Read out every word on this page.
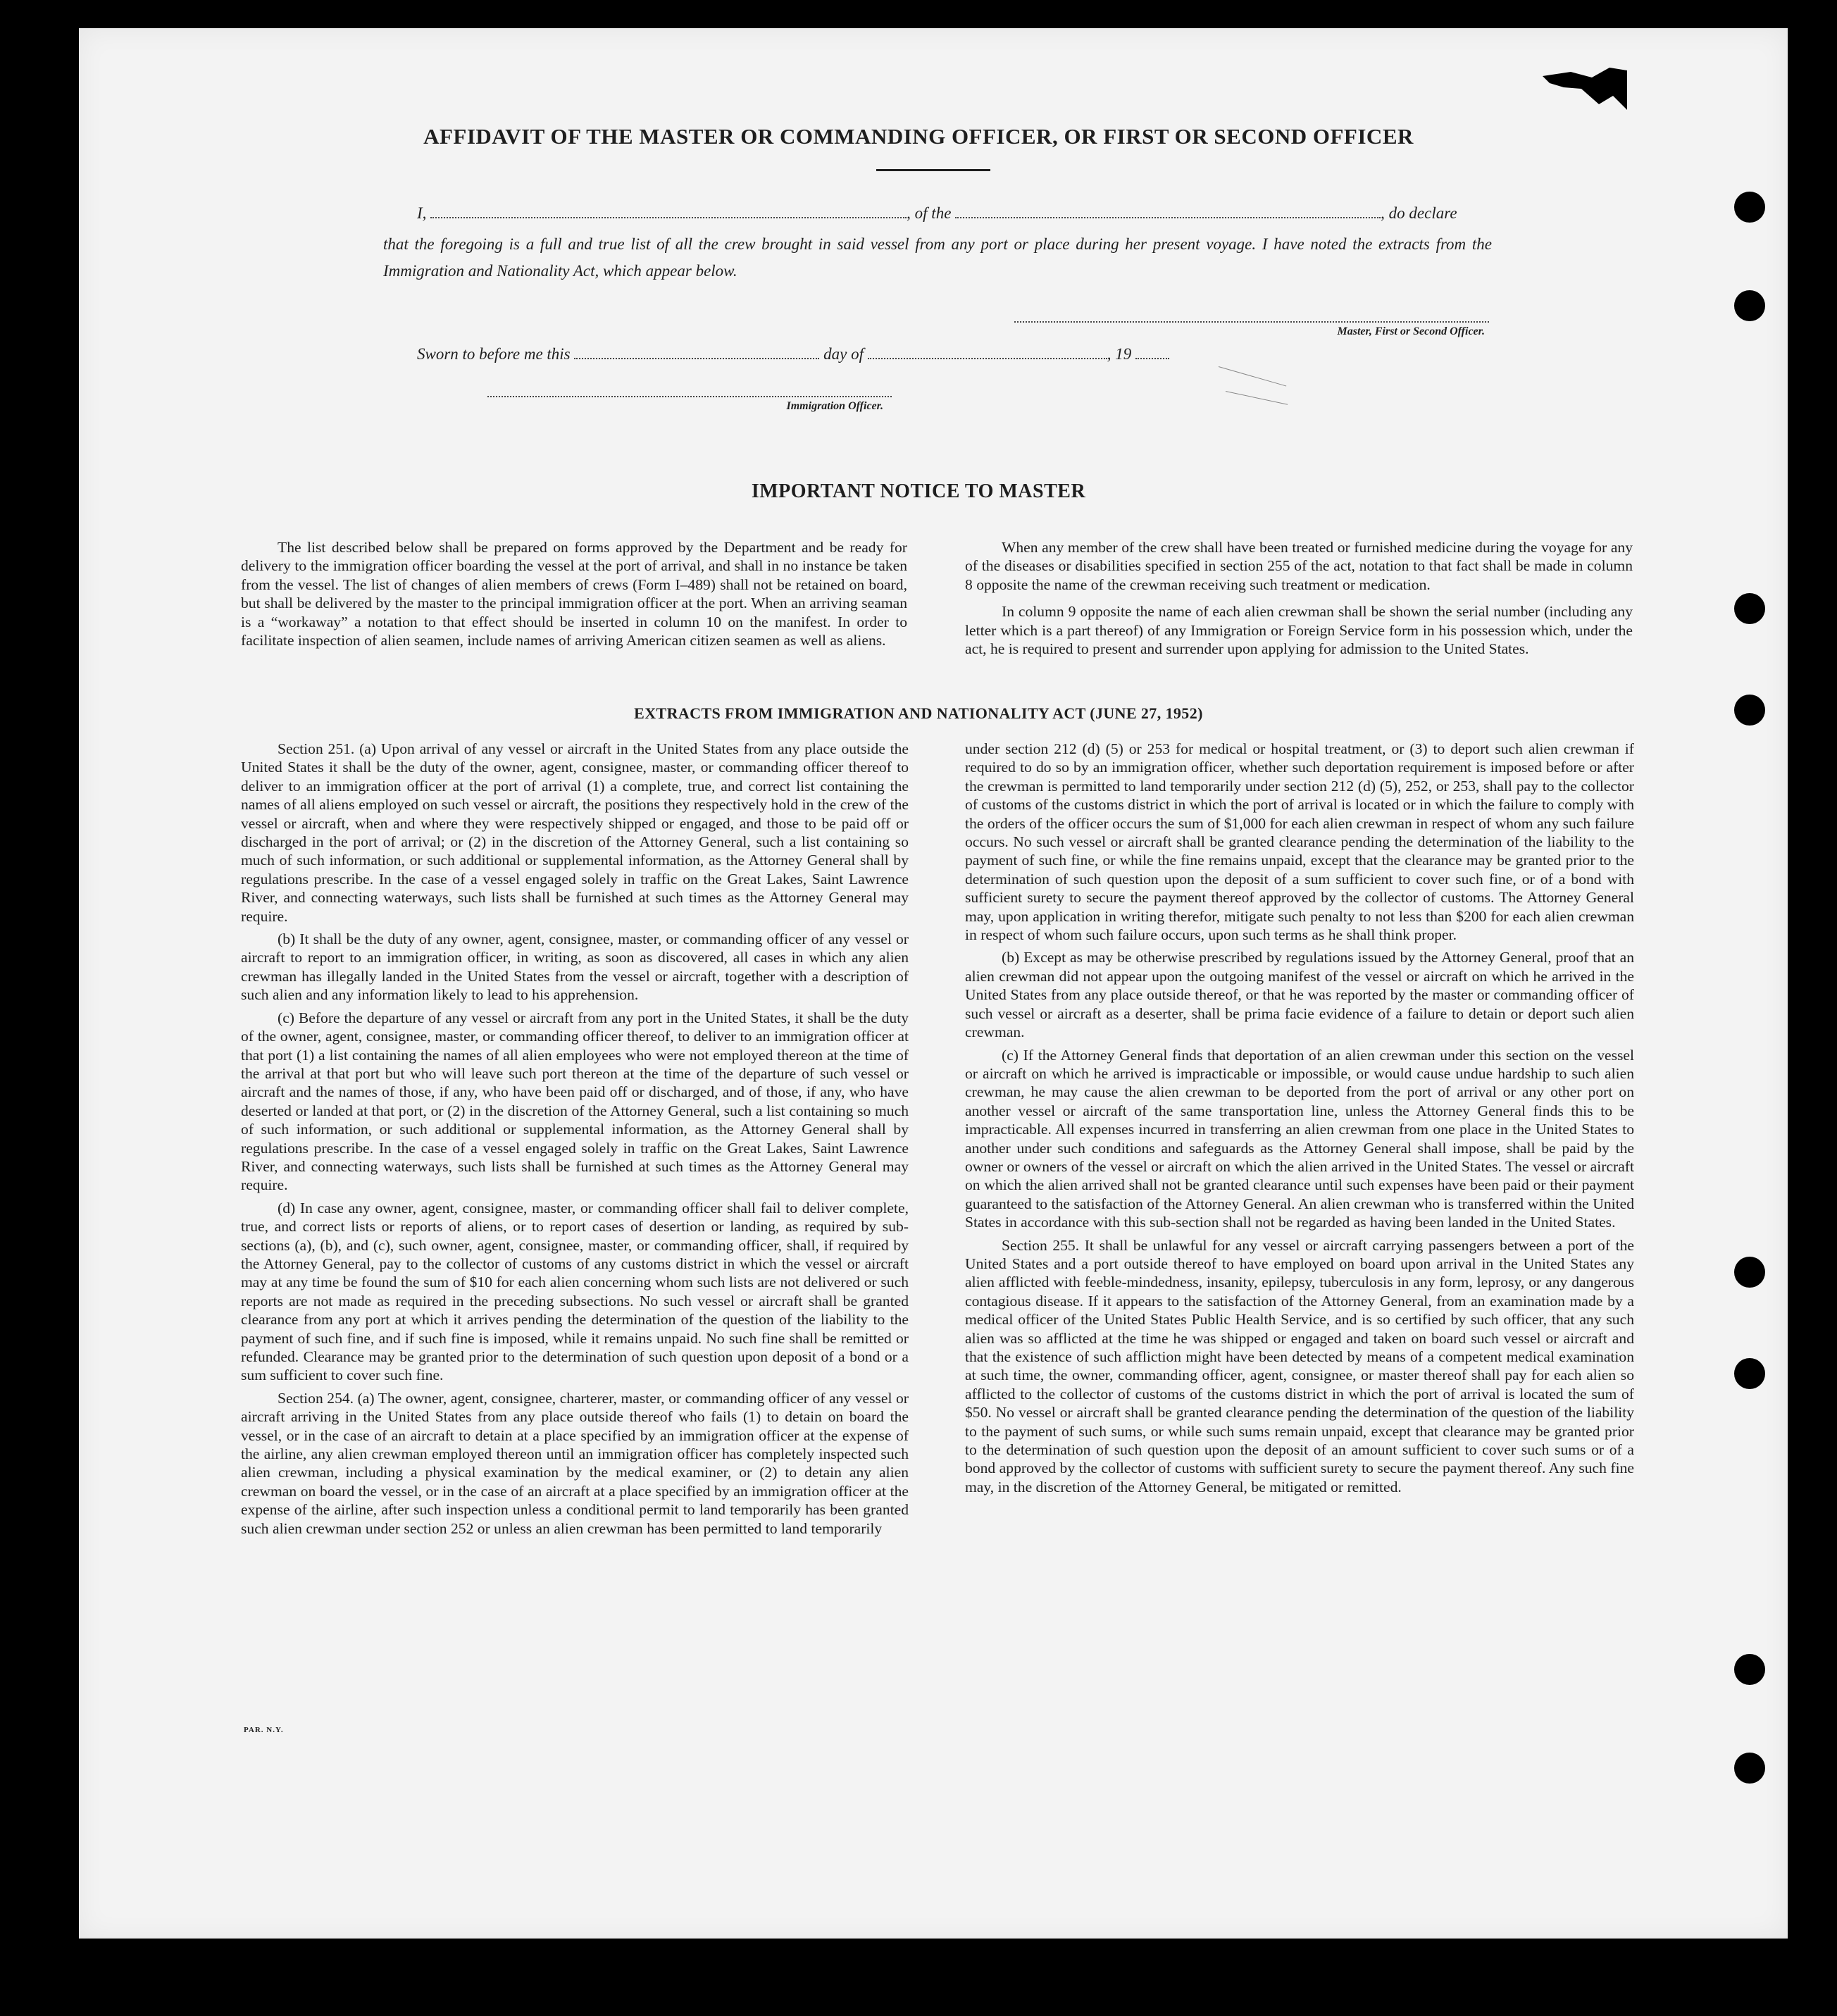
AFFIDAVIT OF THE MASTER OR COMMANDING OFFICER, OR FIRST OR SECOND OFFICER
I,	, of the	, do declare
that the foregoing is a full and true list of all the crew brought in said vessel from any port or place during her present voyage. I have noted the extracts from the Immigration and Nationality Act, which appear below.
Master, First or Second Officer.
Sworn to before me this	day of	, 19
Immigration Officer.
IMPORTANT NOTICE TO MASTER

The list described below shall be prepared on forms approved by the Department and be ready for delivery to the immigration officer boarding the vessel at the port of arrival, and shall in no instance be taken from the vessel. The list of changes of alien members of crews (Form I–489) shall not be retained on board, but shall be delivered by the master to the principal immigration officer at the port. When an arriving seaman is a “workaway” a notation to that effect should be inserted in column 10 on the manifest. In order to facilitate inspection of alien seamen, include names of arriving American citizen seamen as well as aliens.

When any member of the crew shall have been treated or furnished medicine during the voyage for any of the diseases or disabilities specified in section 255 of the act, notation to that fact shall be made in column 8 opposite the name of the crewman receiving such treatment or medication.

In column 9 opposite the name of each alien crewman shall be shown the serial number (including any letter which is a part thereof) of any Immigration or Foreign Service form in his possession which, under the act, he is required to present and surrender upon applying for admission to the United States.

EXTRACTS FROM IMMIGRATION AND NATIONALITY ACT (JUNE 27, 1952)

Section 251. (a) Upon arrival of any vessel or aircraft in the United States from any place outside the United States it shall be the duty of the owner, agent, consignee, master, or commanding officer thereof to deliver to an immigration officer at the port of arrival (1) a complete, true, and correct list containing the names of all aliens employed on such vessel or aircraft, the positions they respectively hold in the crew of the vessel or aircraft, when and where they were respectively shipped or engaged, and those to be paid off or discharged in the port of arrival; or (2) in the discretion of the Attorney General, such a list containing so much of such information, or such additional or supplemental information, as the Attorney General shall by regulations prescribe. In the case of a vessel engaged solely in traffic on the Great Lakes, Saint Lawrence River, and connecting waterways, such lists shall be furnished at such times as the Attorney General may require.

(b) It shall be the duty of any owner, agent, consignee, master, or commanding officer of any vessel or aircraft to report to an immigration officer, in writing, as soon as discovered, all cases in which any alien crewman has illegally landed in the United States from the vessel or aircraft, together with a description of such alien and any information likely to lead to his apprehension.

(c) Before the departure of any vessel or aircraft from any port in the United States, it shall be the duty of the owner, agent, consignee, master, or commanding officer thereof, to deliver to an immigration officer at that port (1) a list containing the names of all alien employees who were not employed thereon at the time of the arrival at that port but who will leave such port thereon at the time of the departure of such vessel or aircraft and the names of those, if any, who have been paid off or discharged, and of those, if any, who have deserted or landed at that port, or (2) in the discretion of the Attorney General, such a list containing so much of such information, or such additional or supplemental information, as the Attorney General shall by regulations prescribe. In the case of a vessel engaged solely in traffic on the Great Lakes, Saint Lawrence River, and connecting waterways, such lists shall be furnished at such times as the Attorney General may require.

(d) In case any owner, agent, consignee, master, or commanding officer shall fail to deliver complete, true, and correct lists or reports of aliens, or to report cases of desertion or landing, as required by sub-sections (a), (b), and (c), such owner, agent, consignee, master, or commanding officer, shall, if required by the Attorney General, pay to the collector of customs of any customs district in which the vessel or aircraft may at any time be found the sum of $10 for each alien concerning whom such lists are not delivered or such reports are not made as required in the preceding subsections. No such vessel or aircraft shall be granted clearance from any port at which it arrives pending the determination of the question of the liability to the payment of such fine, and if such fine is imposed, while it remains unpaid. No such fine shall be remitted or refunded. Clearance may be granted prior to the determination of such question upon deposit of a bond or a sum sufficient to cover such fine.

Section 254. (a) The owner, agent, consignee, charterer, master, or commanding officer of any vessel or aircraft arriving in the United States from any place outside thereof who fails (1) to detain on board the vessel, or in the case of an aircraft to detain at a place specified by an immigration officer at the expense of the airline, any alien crewman employed thereon until an immigration officer has completely inspected such alien crewman, including a physical examination by the medical examiner, or (2) to detain any alien crewman on board the vessel, or in the case of an aircraft at a place specified by an immigration officer at the expense of the airline, after such inspection unless a conditional permit to land temporarily has been granted such alien crewman under section 252 or unless an alien crewman has been permitted to land temporarily

under section 212 (d) (5) or 253 for medical or hospital treatment, or (3) to deport such alien crewman if required to do so by an immigration officer, whether such deportation requirement is imposed before or after the crewman is permitted to land temporarily under section 212 (d) (5), 252, or 253, shall pay to the collector of customs of the customs district in which the port of arrival is located or in which the failure to comply with the orders of the officer occurs the sum of $1,000 for each alien crewman in respect of whom any such failure occurs. No such vessel or aircraft shall be granted clearance pending the determination of the liability to the payment of such fine, or while the fine remains unpaid, except that the clearance may be granted prior to the determination of such question upon the deposit of a sum sufficient to cover such fine, or of a bond with sufficient surety to secure the payment thereof approved by the collector of customs. The Attorney General may, upon application in writing therefor, mitigate such penalty to not less than $200 for each alien crewman in respect of whom such failure occurs, upon such terms as he shall think proper.

(b) Except as may be otherwise prescribed by regulations issued by the Attorney General, proof that an alien crewman did not appear upon the outgoing manifest of the vessel or aircraft on which he arrived in the United States from any place outside thereof, or that he was reported by the master or commanding officer of such vessel or aircraft as a deserter, shall be prima facie evidence of a failure to detain or deport such alien crewman.

(c) If the Attorney General finds that deportation of an alien crewman under this section on the vessel or aircraft on which he arrived is impracticable or impossible, or would cause undue hardship to such alien crewman, he may cause the alien crewman to be deported from the port of arrival or any other port on another vessel or aircraft of the same transportation line, unless the Attorney General finds this to be impracticable. All expenses incurred in transferring an alien crewman from one place in the United States to another under such conditions and safeguards as the Attorney General shall impose, shall be paid by the owner or owners of the vessel or aircraft on which the alien arrived in the United States. The vessel or aircraft on which the alien arrived shall not be granted clearance until such expenses have been paid or their payment guaranteed to the satisfaction of the Attorney General. An alien crewman who is transferred within the United States in accordance with this sub-section shall not be regarded as having been landed in the United States.

Section 255. It shall be unlawful for any vessel or aircraft carrying passengers between a port of the United States and a port outside thereof to have employed on board upon arrival in the United States any alien afflicted with feeble-mindedness, insanity, epilepsy, tuberculosis in any form, leprosy, or any dangerous contagious disease. If it appears to the satisfaction of the Attorney General, from an examination made by a medical officer of the United States Public Health Service, and is so certified by such officer, that any such alien was so afflicted at the time he was shipped or engaged and taken on board such vessel or aircraft and that the existence of such affliction might have been detected by means of a competent medical examination at such time, the owner, commanding officer, agent, consignee, or master thereof shall pay for each alien so afflicted to the collector of customs of the customs district in which the port of arrival is located the sum of $50. No vessel or aircraft shall be granted clearance pending the determination of the question of the liability to the payment of such sums, or while such sums remain unpaid, except that clearance may be granted prior to the determination of such question upon the deposit of an amount sufficient to cover such sums or of a bond approved by the collector of customs with sufficient surety to secure the payment thereof. Any such fine may, in the discretion of the Attorney General, be mitigated or remitted.

PAR. N.Y.
